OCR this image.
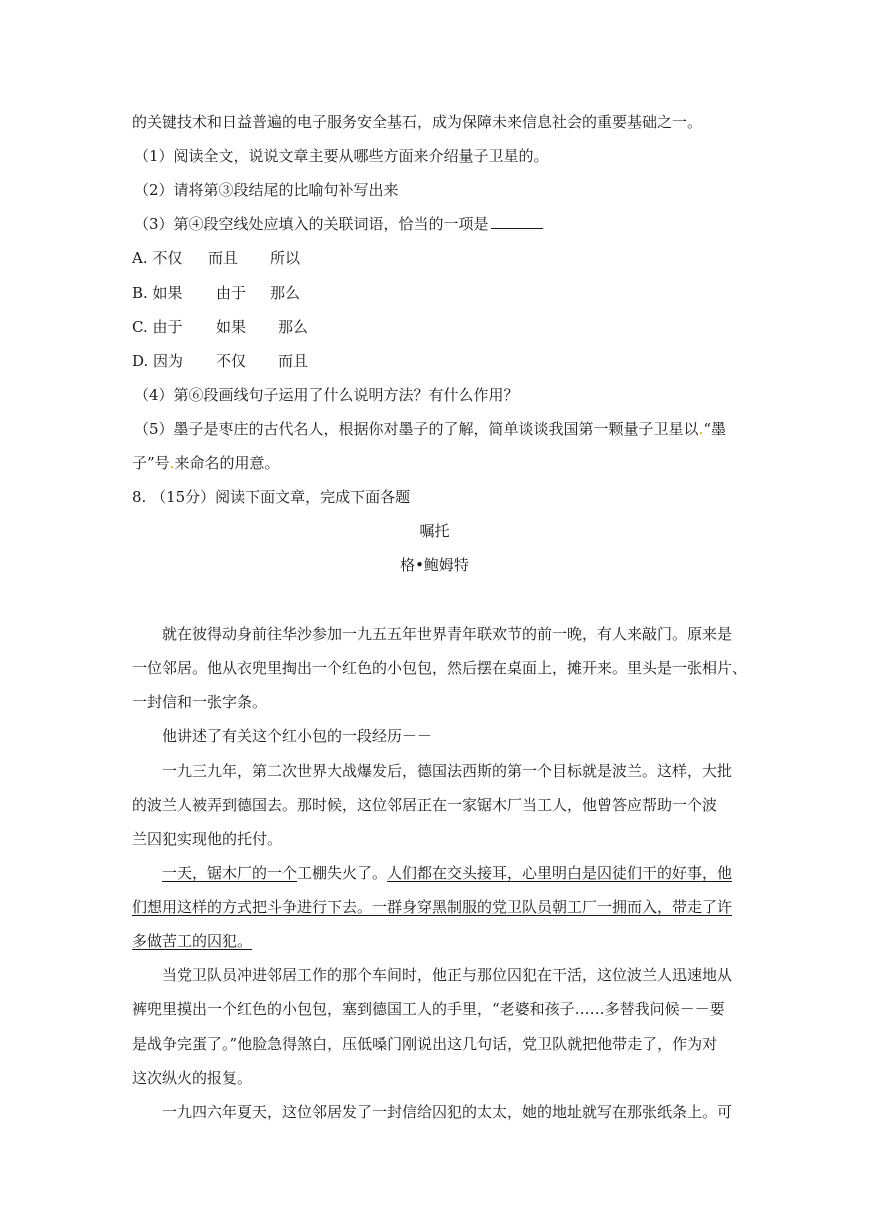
的关键技术和日益普遍的电子服务安全基石，成为保障未来信息社会的重要基础之一。
（1）阅读全文，说说文章主要从哪些方面来介绍量子卫星的。
（2）请将第③段结尾的比喻句补写出来
（3）第④段空线处应填入的关联词语，恰当的一项是
A. 不仅 而且 所以
B. 如果 由于 那么
C. 由于 如果 那么
D. 因为 不仅 而且
（4）第⑥段画线句子运用了什么说明方法？有什么作用？
（5）墨子是枣庄的古代名人，根据你对墨子的了解，简单谈谈我国第一颗量子卫星以.“墨
子”号.来命名的用意。
8. （15分）阅读下面文章，完成下面各题
嘱托
格•鲍姆特
就在彼得动身前往华沙参加一九五五年世界青年联欢节的前一晚，有人来敲门。原来是
一位邻居。他从衣兜里掏出一个红色的小包包，然后摆在桌面上，摊开来。里头是一张相片、
一封信和一张字条。
他讲述了有关这个红小包的一段经历－－
一九三九年，第二次世界大战爆发后，德国法西斯的第一个目标就是波兰。这样，大批
的波兰人被弄到德国去。那时候，这位邻居正在一家锯木厂当工人，他曾答应帮助一个波
兰囚犯实现他的托付。
一天，锯木厂的一个工棚失火了。人们都在交头接耳，心里明白是囚徒们干的好事，他
们想用这样的方式把斗争进行下去。一群身穿黑制服的党卫队员朝工厂一拥而入，带走了许
多做苦工的囚犯。
当党卫队员冲进邻居工作的那个车间时，他正与那位囚犯在干活，这位波兰人迅速地从
裤兜里摸出一个红色的小包包，塞到德国工人的手里，“老婆和孩子……多替我问候－－要
是战争完蛋了。”他脸急得煞白，压低嗓门刚说出这几句话，党卫队就把他带走了，作为对
这次纵火的报复。
一九四六年夏天，这位邻居发了一封信给囚犯的太太，她的地址就写在那张纸条上。可
